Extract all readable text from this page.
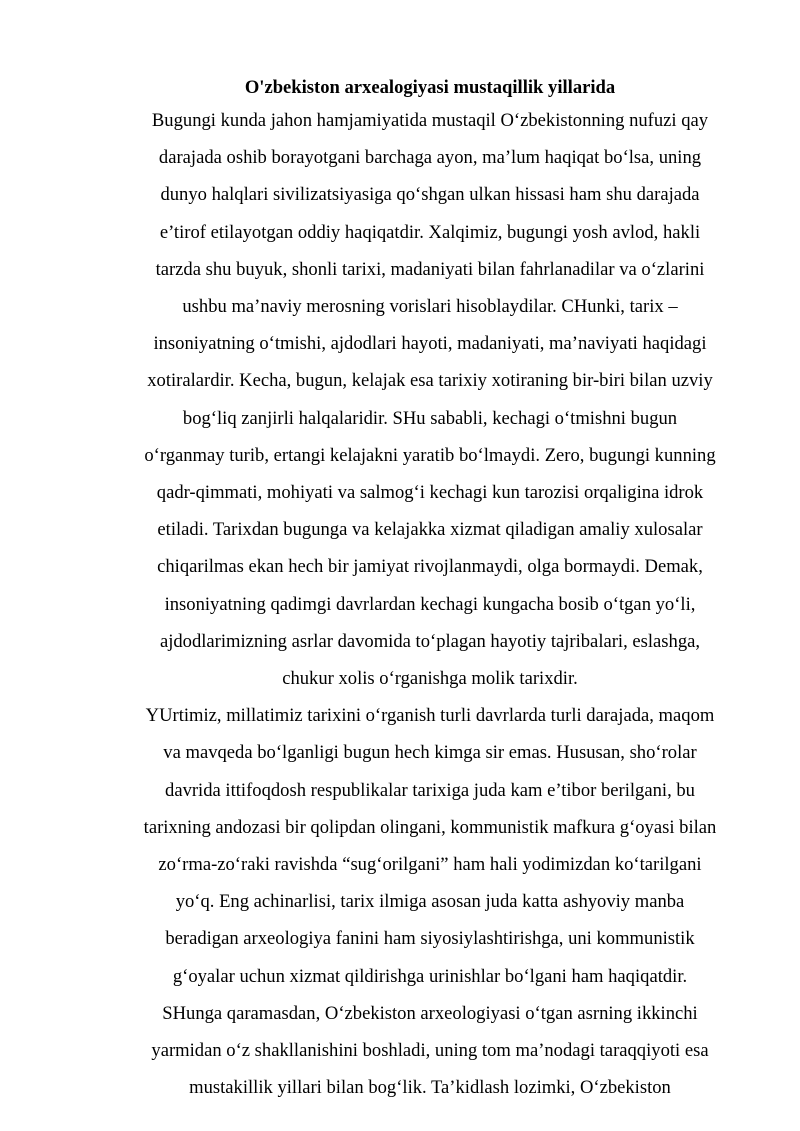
O'zbekiston arxealogiyasi mustaqillik yillarida
Bugungi kunda jahon hamjamiyatida mustaqil O‘zbekistonning nufuzi qay
darajada oshib borayotgani barchaga ayon, ma’lum haqiqat bo‘lsa, uning
dunyo halqlari sivilizatsiyasiga qo‘shgan ulkan hissasi ham shu darajada
e’tirof etilayotgan oddiy haqiqatdir. Xalqimiz, bugungi yosh avlod, hakli
tarzda shu buyuk, shonli tarixi, madaniyati bilan fahrlanadilar va o‘zlarini
ushbu ma’naviy merosning vorislari hisoblaydilar. CHunki, tarix –
insoniyatning o‘tmishi, ajdodlari hayoti, madaniyati, ma’naviyati haqidagi
xotiralardir. Kecha, bugun, kelajak esa tarixiy xotiraning bir-biri bilan uzviy
bog‘liq zanjirli halqalaridir. SHu sababli, kechagi o‘tmishni bugun
o‘rganmay turib, ertangi kelajakni yaratib bo‘lmaydi. Zero, bugungi kunning
qadr-qimmati, mohiyati va salmog‘i kechagi kun tarozisi orqaligina idrok
etiladi. Tarixdan bugunga va kelajakka xizmat qiladigan amaliy xulosalar
chiqarilmas ekan hech bir jamiyat rivojlanmaydi, olga bormaydi. Demak,
insoniyatning qadimgi davrlardan kechagi kungacha bosib o‘tgan yo‘li,
ajdodlarimizning asrlar davomida to‘plagan hayotiy tajribalari, eslashga,
chukur xolis o‘rganishga molik tarixdir.
YUrtimiz, millatimiz tarixini o‘rganish turli davrlarda turli darajada, maqom
va mavqeda bo‘lganligi bugun hech kimga sir emas. Hususan, sho‘rolar
davrida ittifoqdosh respublikalar tarixiga juda kam e’tibor berilgani, bu
tarixning andozasi bir qolipdan olingani, kommunistik mafkura g‘oyasi bilan
zo‘rma-zo‘raki ravishda “sug‘orilgani” ham hali yodimizdan ko‘tarilgani
yo‘q. Eng achinarlisi, tarix ilmiga asosan juda katta ashyoviy manba
beradigan arxeologiya fanini ham siyosiylashtirishga, uni kommunistik
g‘oyalar uchun xizmat qildirishga urinishlar bo‘lgani ham haqiqatdir.
SHunga qaramasdan, O‘zbekiston arxeologiyasi o‘tgan asrning ikkinchi
yarmidan o‘z shakllanishini boshladi, uning tom ma’nodagi taraqqiyoti esa
mustakillik yillari bilan bog‘lik. Ta’kidlash lozimki, O‘zbekiston
